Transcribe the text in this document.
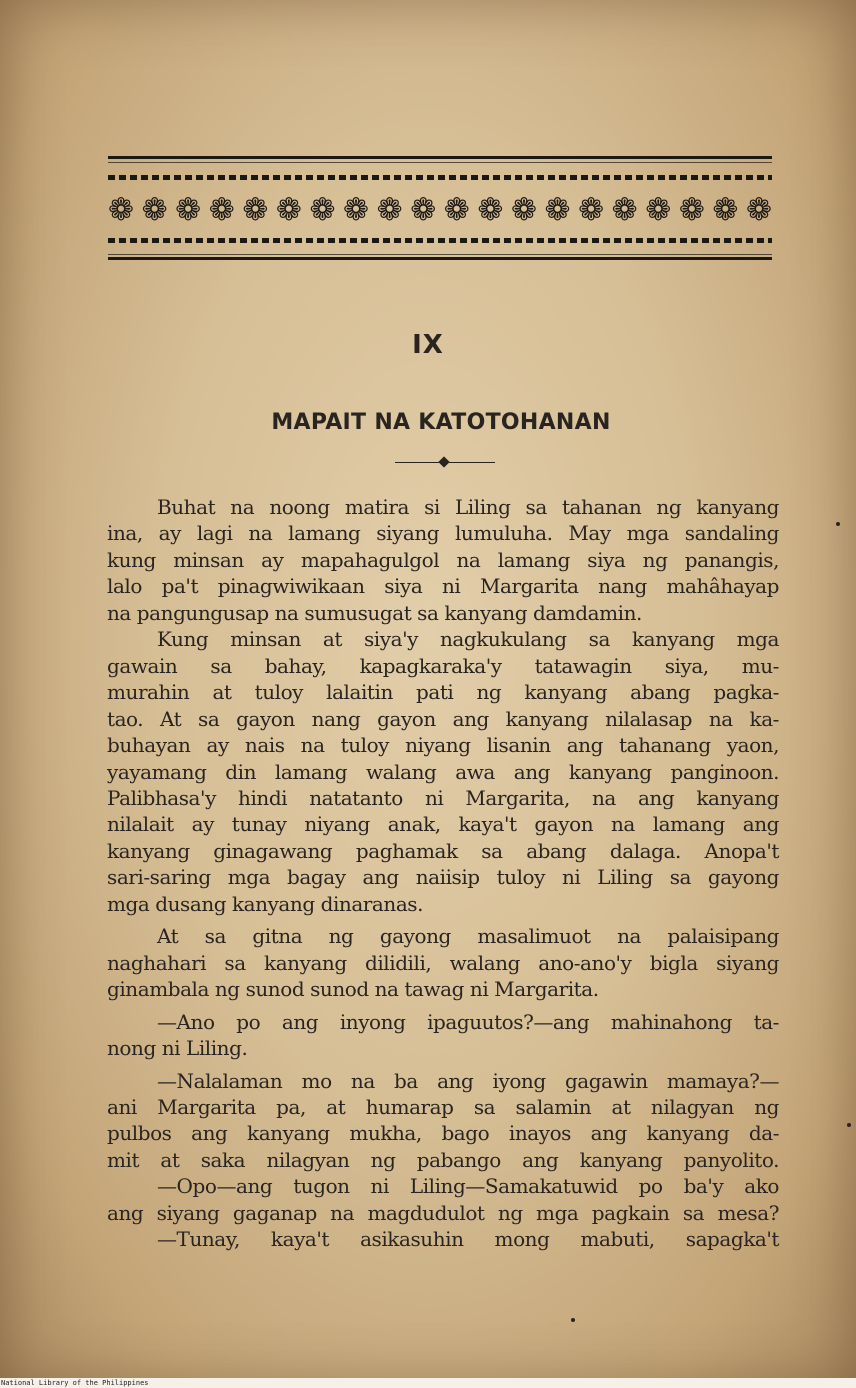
❁ ❁ ❁ ❁ ❁ ❁ ❁ ❁ ❁ ❁ ❁ ❁ ❁ ❁ ❁ ❁ ❁ ❁ ❁ ❁
IX
MAPAIT NA KATOTOHANAN

Buhat na noong matira si Liling sa tahanan ng kanyang

ina, ay lagi na lamang siyang lumuluha. May mga sandaling

kung minsan ay mapahagulgol na lamang siya ng panangis,

lalo pa't pinagwiwikaan siya ni Margarita nang mahâhayap

na pangungusap na sumusugat sa kanyang damdamin.

Kung minsan at siya'y nagkukulang sa kanyang mga

gawain sa bahay, kapagkaraka'y tatawagin siya, mu-

murahin at tuloy lalaitin pati ng kanyang abang pagka-

tao. At sa gayon nang gayon ang kanyang nilalasap na ka-

buhayan ay nais na tuloy niyang lisanin ang tahanang yaon,

yayamang din lamang walang awa ang kanyang panginoon.

Palibhasa'y hindi natatanto ni Margarita, na ang kanyang

nilalait ay tunay niyang anak, kaya't gayon na lamang ang

kanyang ginagawang paghamak sa abang dalaga. Anopa't

sari-saring mga bagay ang naiisip tuloy ni Liling sa gayong

mga dusang kanyang dinaranas.

At sa gitna ng gayong masalimuot na palaisipang

naghahari sa kanyang dilidili, walang ano-ano'y bigla siyang

ginambala ng sunod sunod na tawag ni Margarita.

—Ano po ang inyong ipaguutos?—ang mahinahong ta-

nong ni Liling.

—Nalalaman mo na ba ang iyong gagawin mamaya?—

ani Margarita pa, at humarap sa salamin at nilagyan ng

pulbos ang kanyang mukha, bago inayos ang kanyang da-

mit at saka nilagyan ng pabango ang kanyang panyolito.

—Opo—ang tugon ni Liling—Samakatuwid po ba'y ako

ang siyang gaganap na magdudulot ng mga pagkain sa mesa?

—Tunay, kaya't asikasuhin mong mabuti, sapagka't

National Library of the Philippines
